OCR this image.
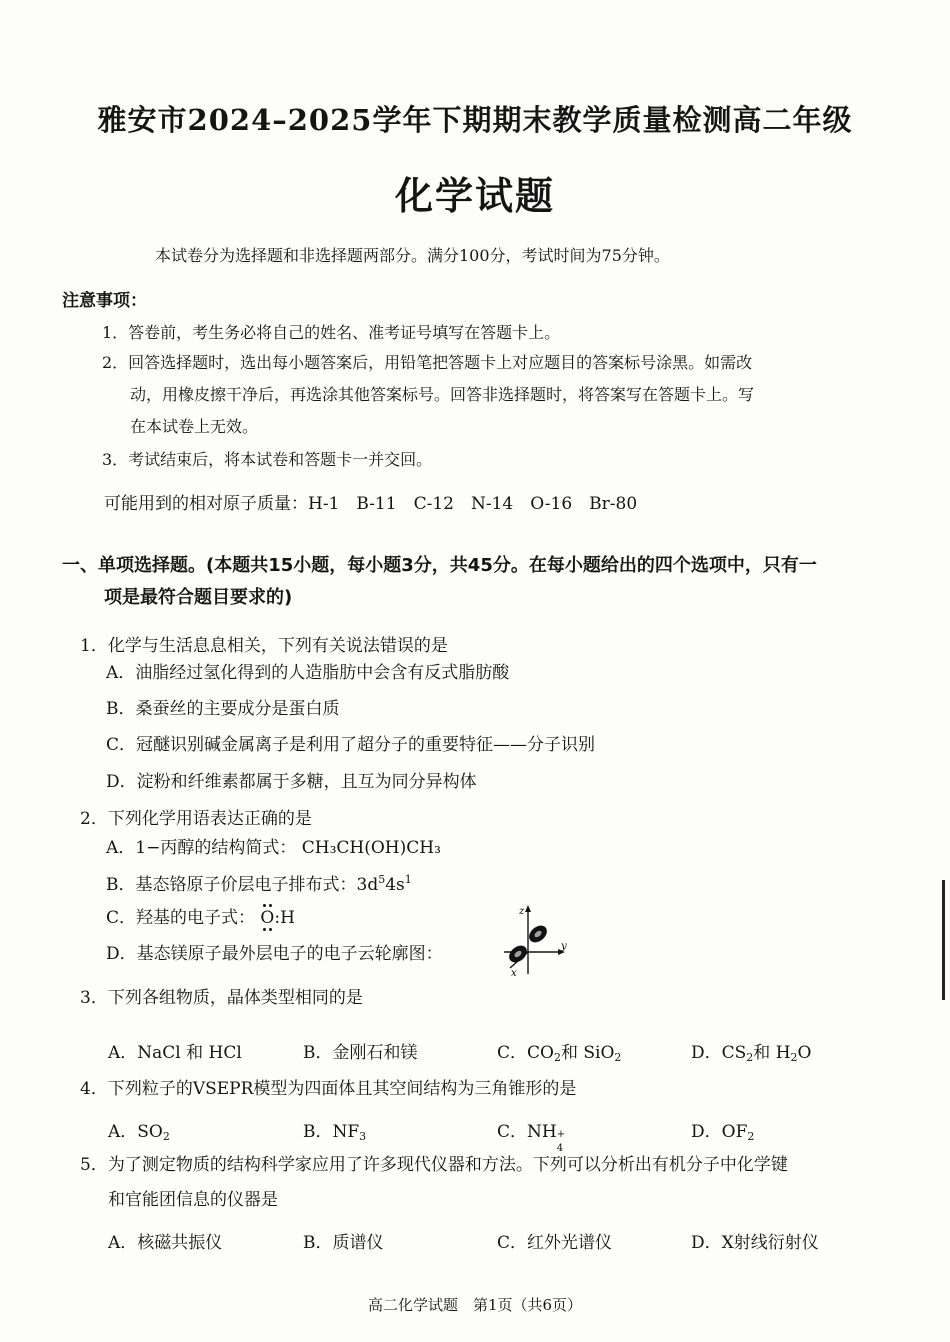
雅安市2024–2025学年下期期末教学质量检测高二年级
化学试题
本试卷分为选择题和非选择题两部分。满分100分，考试时间为75分钟。
注意事项：
1．答卷前，考生务必将自己的姓名、准考证号填写在答题卡上。
2．回答选择题时，选出每小题答案后，用铅笔把答题卡上对应题目的答案标号涂黑。如需改
动，用橡皮擦干净后，再选涂其他答案标号。回答非选择题时，将答案写在答题卡上。写
在本试卷上无效。
3．考试结束后，将本试卷和答题卡一并交回。
可能用到的相对原子质量：H-1　B-11　C-12　N-14　O-16　Br-80
一、单项选择题。(本题共15小题，每小题3分，共45分。在每小题给出的四个选项中，只有一
项是最符合题目要求的)
1．化学与生活息息相关，下列有关说法错误的是
A．油脂经过氢化得到的人造脂肪中会含有反式脂肪酸
B．桑蚕丝的主要成分是蛋白质
C．冠醚识别碱金属离子是利用了超分子的重要特征——分子识别
D．淀粉和纤维素都属于多糖，且互为同分异构体
2．下列化学用语表达正确的是
A．1−丙醇的结构简式： CH₃CH(OH)CH₃
B．基态铬原子价层电子排布式：$3d^54s^1$
C．羟基的电子式： O:H
D．基态镁原子最外层电子的电子云轮廓图：
z
y
x
3．下列各组物质，晶体类型相同的是
A．NaCl 和 HCl	B．金刚石和镁	C．$CO_2$和 SiO$_2$	D．$CS_2$和 $H_2O$
4．下列粒子的VSEPR模型为四面体且其空间结构为三角锥形的是
A．$SO_2$	B．$NF_3$	C．NH +
4
D．$OF_2$
5．为了测定物质的结构科学家应用了许多现代仪器和方法。下列可以分析出有机分子中化学键
和官能团信息的仪器是
A．核磁共振仪	B．质谱仪	C．红外光谱仪	D．X射线衍射仪
高二化学试题　第1页（共6页）
